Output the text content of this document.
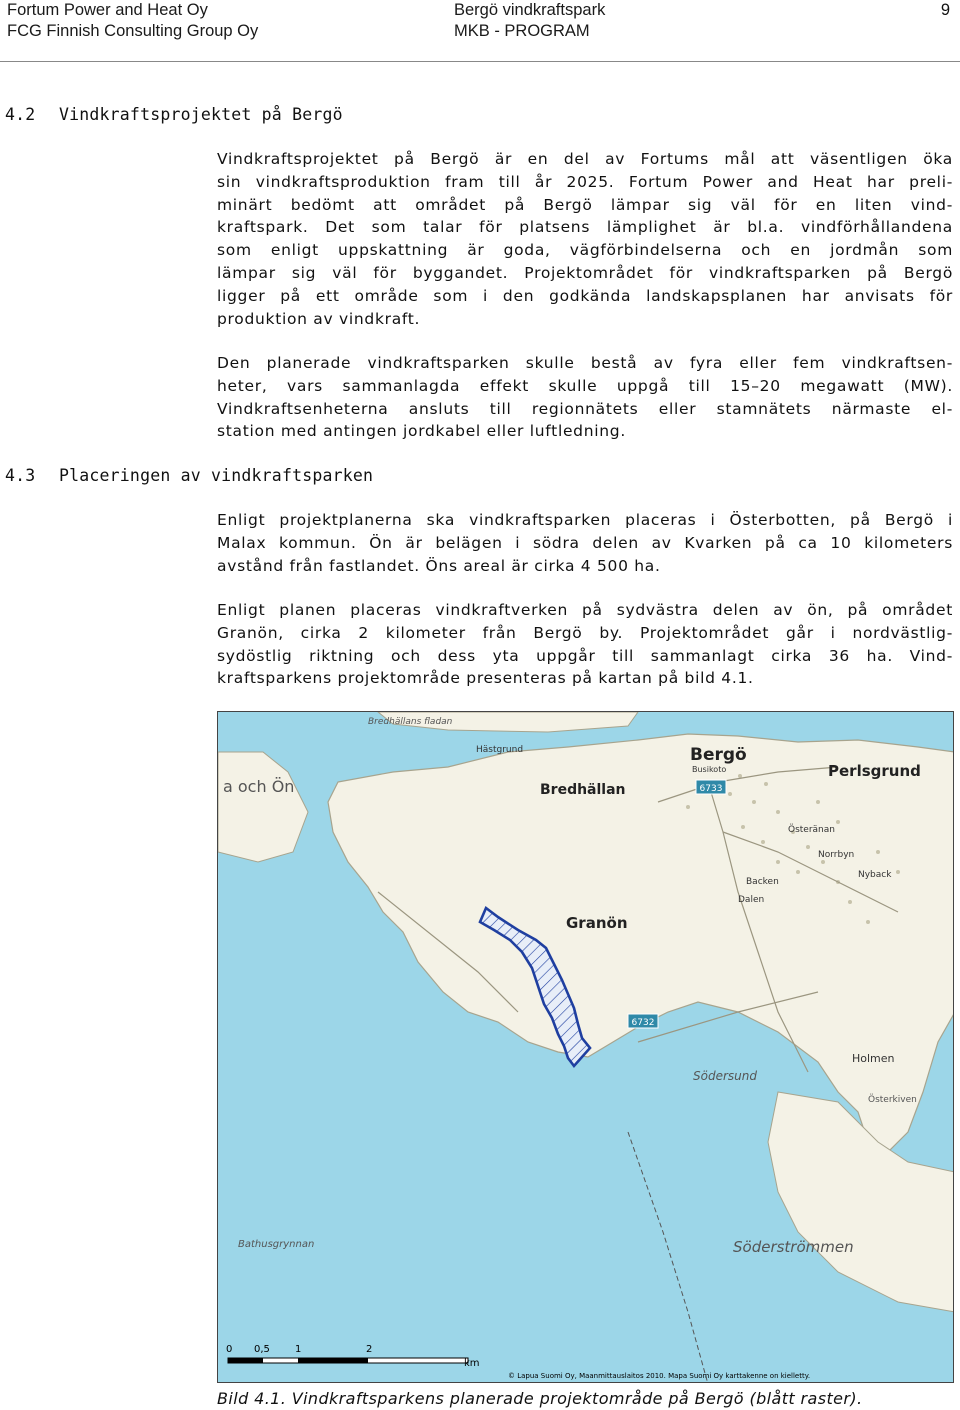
Fortum Power and Heat Oy
FCG Finnish Consulting Group Oy
Bergö vindkraftspark
MKB - PROGRAM
9
4.2 Vindkraftsprojektet på Bergö
Vindkraftsprojektet på Bergö är en del av Fortums mål att väsentligen öka
sin vindkraftsproduktion fram till år 2025. Fortum Power and Heat har preli-
minärt bedömt att området på Bergö lämpar sig väl för en liten vind-
kraftspark. Det som talar för platsens lämplighet är bl.a. vindförhållandena
som enligt uppskattning är goda, vägförbindelserna och en jordmån som
lämpar sig väl för byggandet. Projektområdet för vindkraftsparken på Bergö
ligger på ett område som i den godkända landskapsplanen har anvisats för
produktion av vindkraft.
Den planerade vindkraftsparken skulle bestå av fyra eller fem vindkraftsen-
heter, vars sammanlagda effekt skulle uppgå till 15–20 megawatt (MW).
Vindkraftsenheterna ansluts till regionnätets eller stamnätets närmaste el-
station med antingen jordkabel eller luftledning.
4.3 Placeringen av vindkraftsparken
Enligt projektplanerna ska vindkraftsparken placeras i Österbotten, på Bergö i
Malax kommun. Ön är belägen i södra delen av Kvarken på ca 10 kilometers
avstånd från fastlandet. Öns areal är cirka 4 500 ha.
Enligt planen placeras vindkraftverken på sydvästra delen av ön, på området
Granön, cirka 2 kilometer från Bergö by. Projektområdet går i nordvästlig-
sydöstlig riktning och dess yta uppgår till sammanlagt cirka 36 ha. Vind-
kraftsparkens projektområde presenteras på kartan på bild 4.1.
6733
6732
Bredhällans fladan
Bergö
Perlsgrund
Bredhällan
Hästgrund
a och Ön
Granön
Busikoto
Österänan
Norrbyn
Backen
Nyback
Dalen
Södersund
Holmen
Österkiven
Söderströmmen
Bathusgrynnan
0 0,5	1	2
km
© Lapua Suomi Oy, Maanmittauslaitos 2010. Mapa Suomi Oy karttakenne on kielletty.
Bild 4.1. Vindkraftsparkens planerade projektområde på Bergö (blått raster).
